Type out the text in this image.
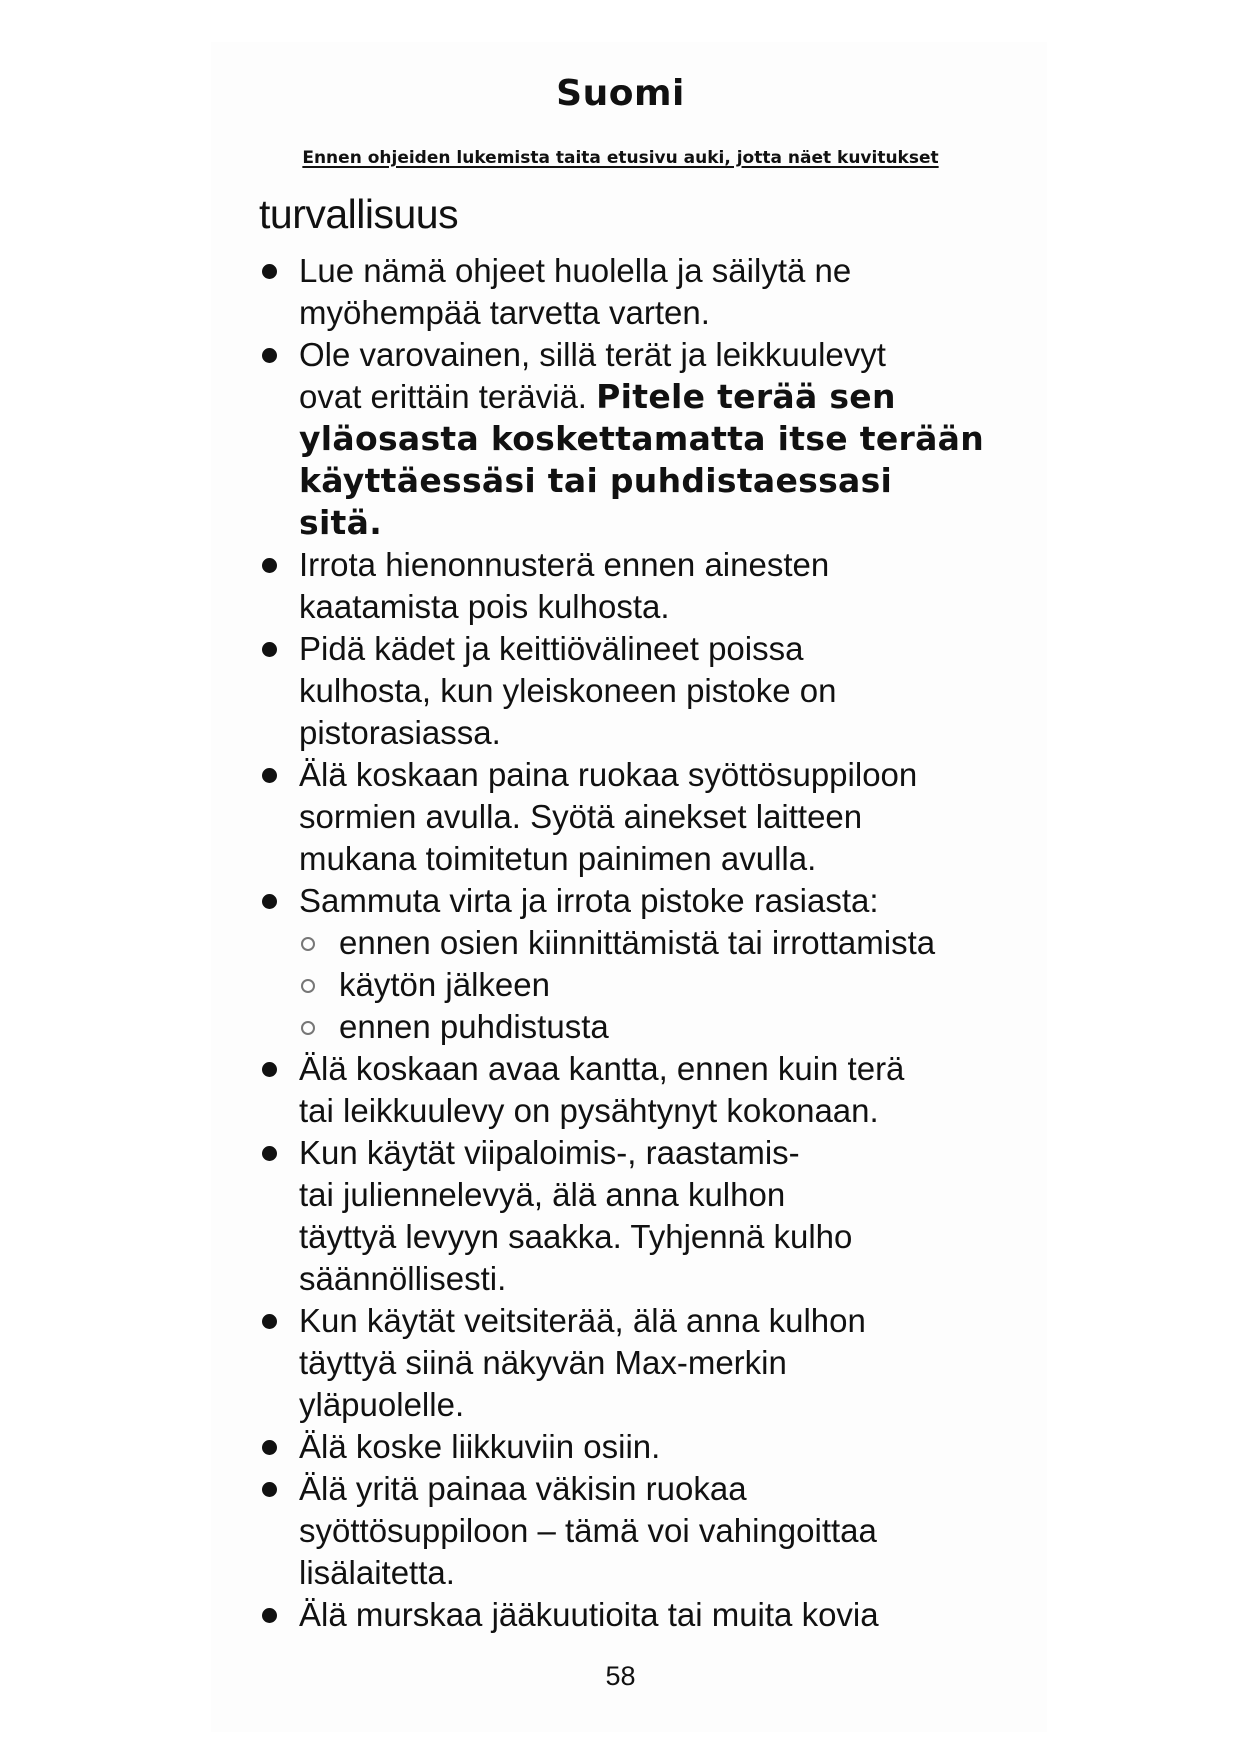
Suomi
Ennen ohjeiden lukemista taita etusivu auki, jotta näet kuvitukset
turvallisuus
Lue nämä ohjeet huolella ja säilytä ne
myöhempää tarvetta varten.
Ole varovainen, sillä terät ja leikkuulevyt
ovat erittäin teräviä. Pitele terää sen
yläosasta koskettamatta itse terään
käyttäessäsi tai puhdistaessasi
sitä.
Irrota hienonnusterä ennen ainesten
kaatamista pois kulhosta.
Pidä kädet ja keittiövälineet poissa
kulhosta, kun yleiskoneen pistoke on
pistorasiassa.
Älä koskaan paina ruokaa syöttösuppiloon
sormien avulla. Syötä ainekset laitteen
mukana toimitetun painimen avulla.
Sammuta virta ja irrota pistoke rasiasta:
ennen osien kiinnittämistä tai irrottamista
käytön jälkeen
ennen puhdistusta
Älä koskaan avaa kantta, ennen kuin terä
tai leikkuulevy on pysähtynyt kokonaan.
Kun käytät viipaloimis-, raastamis-
tai juliennelevyä, älä anna kulhon
täyttyä levyyn saakka. Tyhjennä kulho
säännöllisesti.
Kun käytät veitsiterää, älä anna kulhon
täyttyä siinä näkyvän Max-merkin
yläpuolelle.
Älä koske liikkuviin osiin.
Älä yritä painaa väkisin ruokaa
syöttösuppiloon – tämä voi vahingoittaa
lisälaitetta.
Älä murskaa jääkuutioita tai muita kovia
58
